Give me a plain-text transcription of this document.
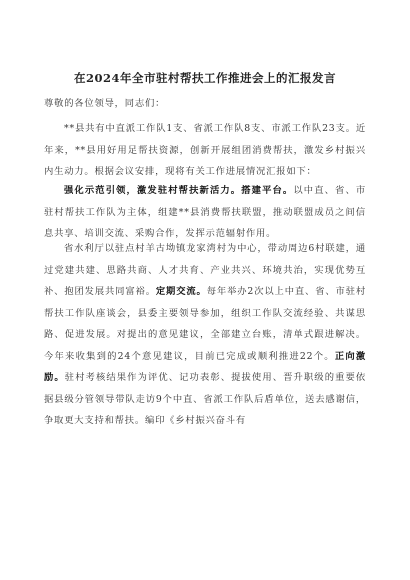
在2024年全市驻村帮扶工作推进会上的汇报发言

尊敬的各位领导，同志们：

**县共有中直派工作队1支、省派工作队8支、市派工作队23支。近年来，**县用好用足帮扶资源，创新开展组团消费帮扶，激发乡村振兴内生动力。根据会议安排，现将有关工作进展情况汇报如下：

强化示范引领，激发驻村帮扶新活力。搭建平台。以中直、省、市驻村帮扶工作队为主体，组建**县消费帮扶联盟，推动联盟成员之间信息共享、培训交流、采购合作，发挥示范辐射作用。

省水利厅以驻点村羊古坳镇龙家湾村为中心，带动周边6村联建，通过党建共建、思路共商、人才共育、产业共兴、环境共治，实现优势互补、抱团发展共同富裕。定期交流。每年举办2次以上中直、省、市驻村帮扶工作队座谈会，县委主要领导参加，组织工作队交流经验、共谋思路、促进发展。对提出的意见建议，全部建立台账，清单式跟进解决。今年来收集到的24个意见建议，目前已完成或顺利推进22个。正向激励。驻村考核结果作为评优、记功表彰、提拔使用、晋升职级的重要依据县级分管领导带队走访9个中直、省派工作队后盾单位，送去感谢信，争取更大支持和帮扶。编印《乡村振兴奋斗有
